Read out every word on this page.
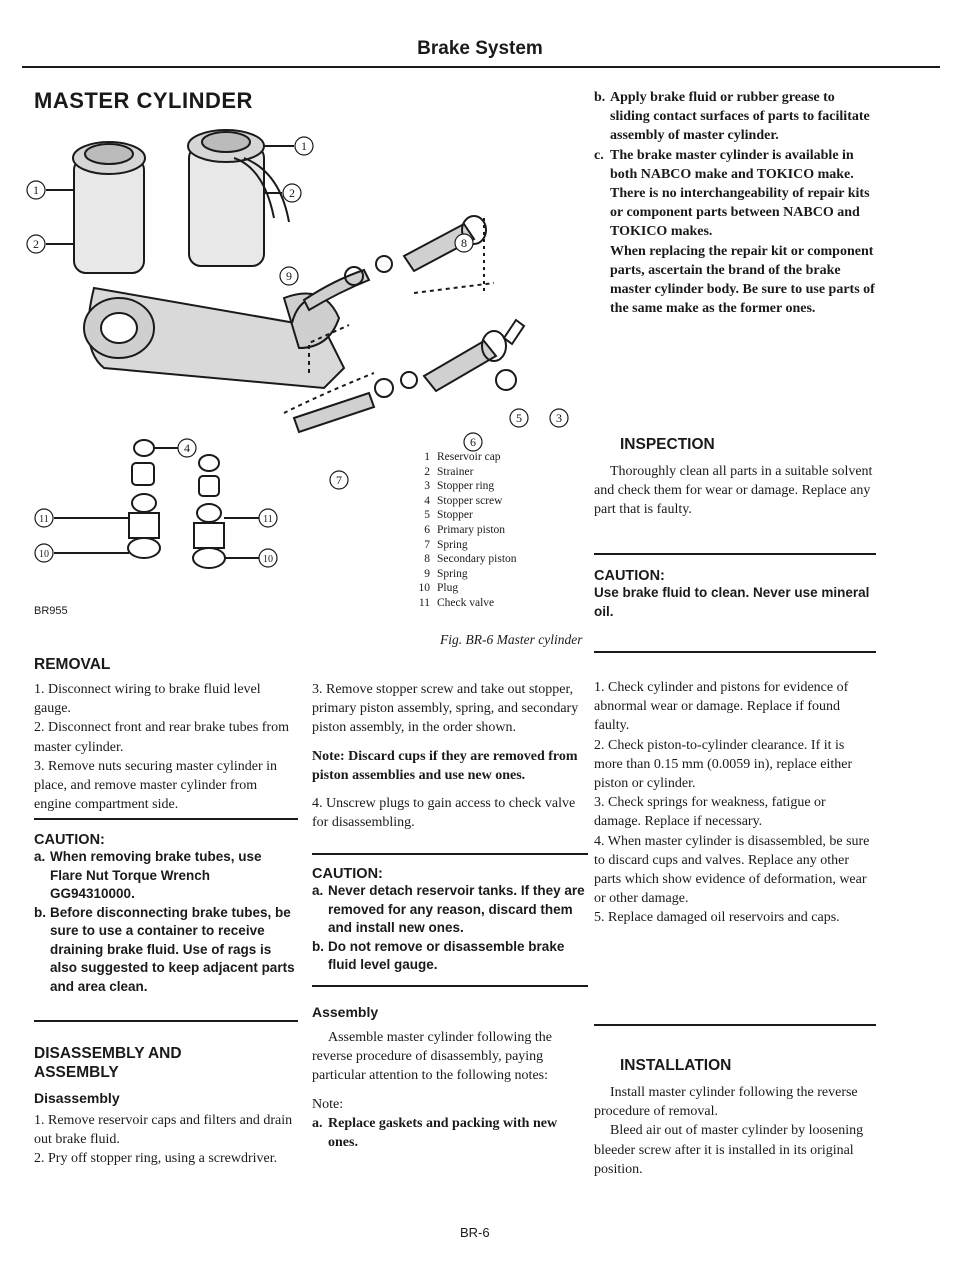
Brake System
MASTER CYLINDER
1
2
1
2
8
9
3
5
6
7
4
11
10
11
10
BR955
1 Reservoir cap
2 Strainer
3 Stopper ring
4 Stopper screw
5 Stopper
6 Primary piston
7 Spring
8 Secondary piston
9 Spring
10 Plug
11 Check valve
Fig. BR-6 Master cylinder
REMOVAL
1. Disconnect wiring to brake fluid level gauge.
2. Disconnect front and rear brake tubes from master cylinder.
3. Remove nuts securing master cylinder in place, and remove master cylinder from engine compartment side.
CAUTION:
a. When removing brake tubes, use Flare Nut Torque Wrench GG94310000.
b. Before disconnecting brake tubes, be sure to use a container to receive draining brake fluid. Use of rags is also suggested to keep adjacent parts and area clean.
DISASSEMBLY AND
ASSEMBLY
Disassembly
1. Remove reservoir caps and filters and drain out brake fluid.
2. Pry off stopper ring, using a screwdriver.
3. Remove stopper screw and take out stopper, primary piston assembly, spring, and secondary piston assembly, in the order shown.
Note: Discard cups if they are removed from piston assemblies and use new ones.
4. Unscrew plugs to gain access to check valve for disassembling.
CAUTION:
a. Never detach reservoir tanks. If they are removed for any reason, discard them and install new ones.
b. Do not remove or disassemble brake fluid level gauge.
Assembly
Assemble master cylinder following the reverse procedure of disassembly, paying particular attention to the following notes:
Note:
a. Replace gaskets and packing with new ones.
b. Apply brake fluid or rubber grease to sliding contact surfaces of parts to facilitate assembly of master cylinder.
c. The brake master cylinder is available in both NABCO make and TOKICO make. There is no interchangeability of repair kits or component parts between NABCO and TOKICO makes.
When replacing the repair kit or component parts, ascertain the brand of the brake master cylinder body. Be sure to use parts of the same make as the former ones.
INSPECTION
Thoroughly clean all parts in a suitable solvent and check them for wear or damage. Replace any part that is faulty.
CAUTION:
Use brake fluid to clean. Never use mineral oil.
1. Check cylinder and pistons for evidence of abnormal wear or damage. Replace if found faulty.
2. Check piston-to-cylinder clearance. If it is more than 0.15 mm (0.0059 in), replace either piston or cylinder.
3. Check springs for weakness, fatigue or damage. Replace if necessary.
4. When master cylinder is disassembled, be sure to discard cups and valves. Replace any other parts which show evidence of deformation, wear or other damage.
5. Replace damaged oil reservoirs and caps.
INSTALLATION
Install master cylinder following the reverse procedure of removal.
Bleed air out of master cylinder by loosening bleeder screw after it is installed in its original position.
BR-6
